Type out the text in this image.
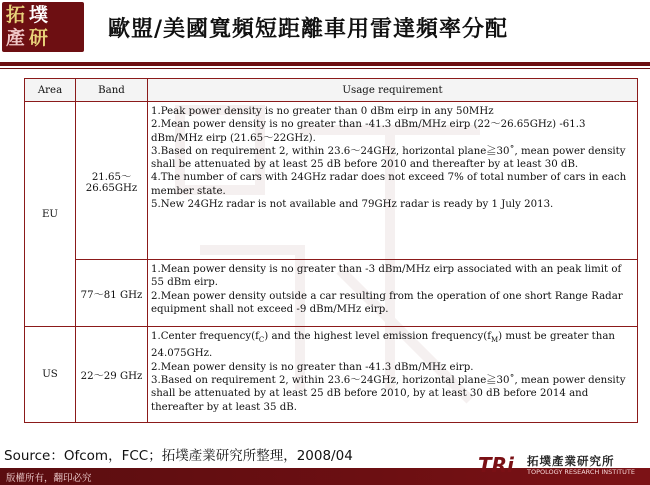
拓 墣
產 研	歐盟/美國寬頻短距離車用雷達頻率分配
Area	Band	Usage requirement
EU	21.65～ 26.65GHz	1.Peak power density is no greater than 0 dBm eirp in any 50MHz
2.Mean power density is no greater than -41.3 dBm/MHz eirp (22～26.65GHz) -61.3 dBm/MHz eirp (21.65～22GHz).
3.Based on requirement 2, within 23.6～24GHz, horizontal plane≧30˚, mean power density shall be attenuated by at least 25 dB before 2010 and thereafter by at least 30 dB.
4.The number of cars with 24GHz radar does not exceed 7% of total number of cars in each member state.
5.New 24GHz radar is not available and 79GHz radar is ready by 1 July 2013.

	77～81 GHz	1.Mean power density is no greater than -3 dBm/MHz eirp associated with an peak limit of 55 dBm eirp.
2.Mean power density outside a car resulting from the operation of one short Range Radar equipment shall not exceed -9 dBm/MHz eirp.

US	22～29 GHz	1.Center $frequency(f_C)$ and the highest level emission $frequency(f_M)$ must be greater than 24.075GHz.
2.Mean power density is no greater than -41.3 dBm/MHz eirp.
3.Based on requirement 2, within 23.6～24GHz, horizontal plane≧30˚, mean power density shall be attenuated by at least 25 dB before 2010, by at least 30 dB before 2014 and thereafter by at least 35 dB.
Source：Ofcom，FCC；拓墣產業研究所整理，2008/04
版權所有，翻印必究
TRi	拓墣產業研究所
TOPOLOGY RESEARCH INSTITUTE
